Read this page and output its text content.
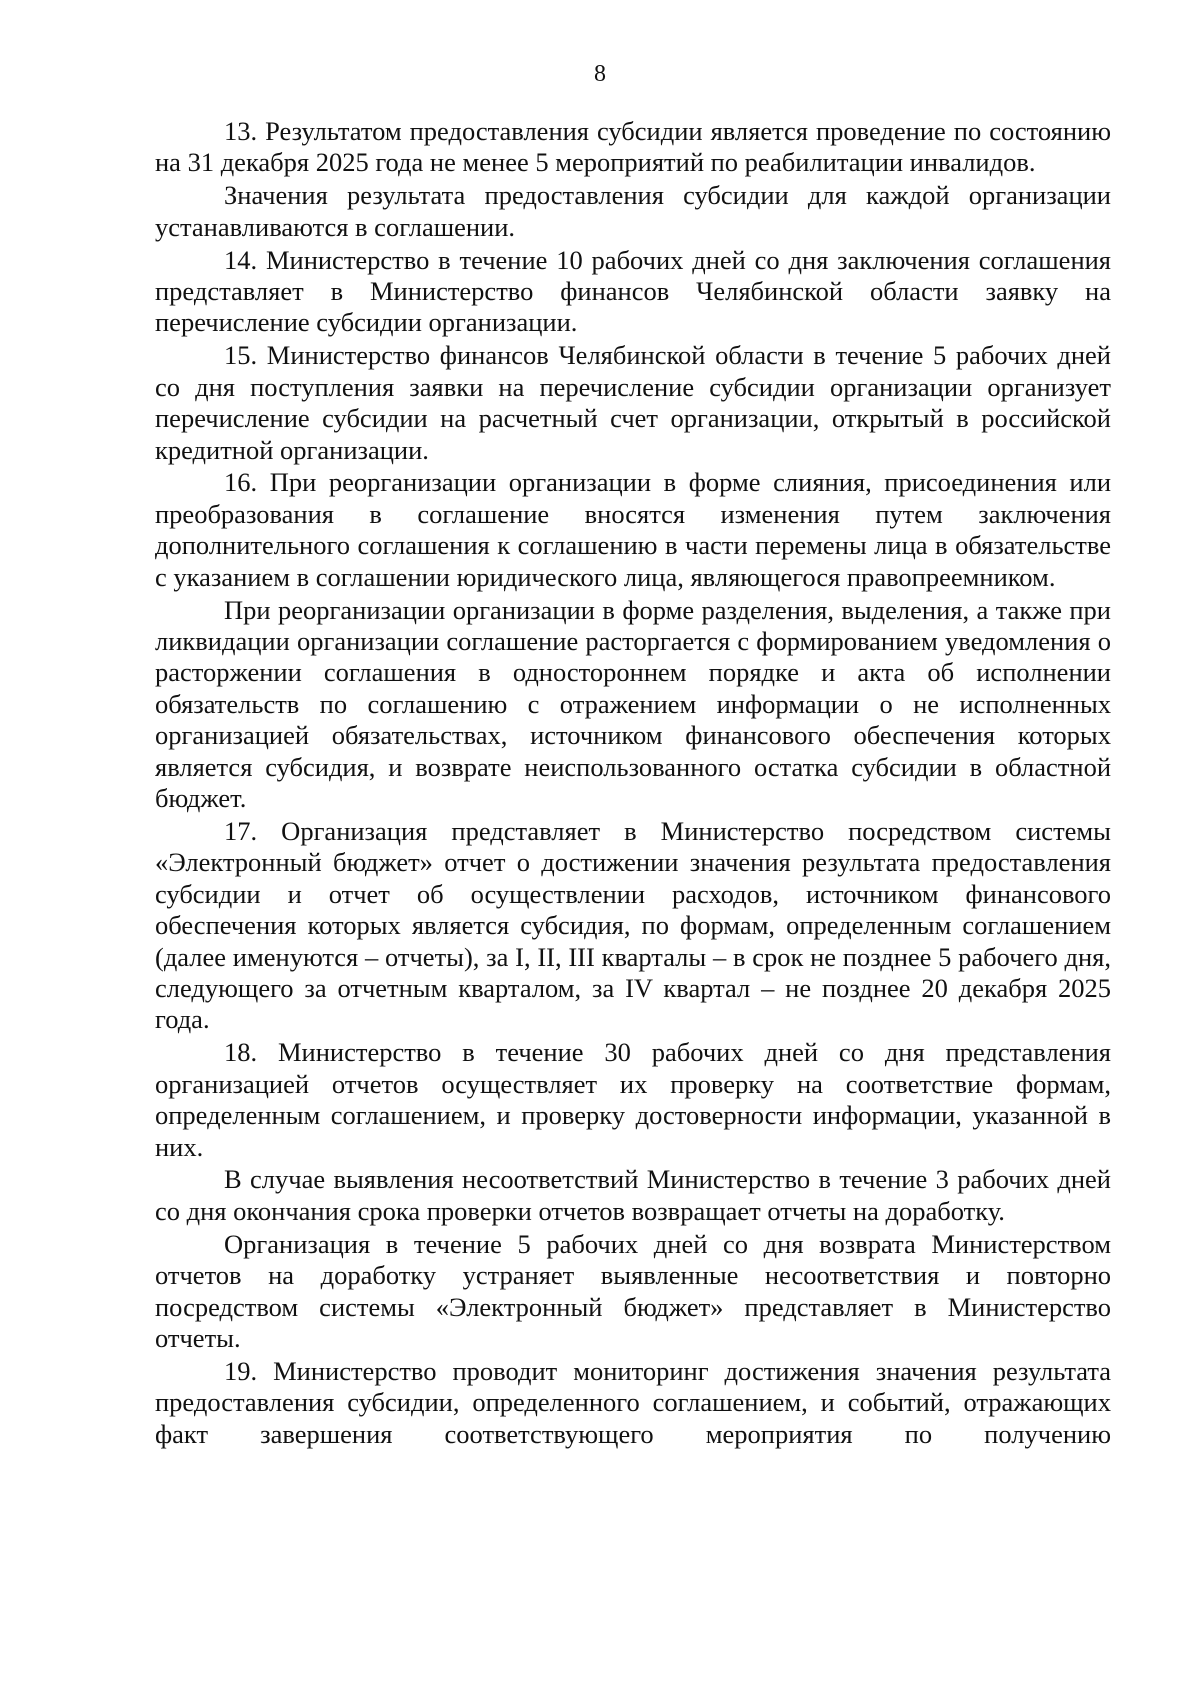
8

13. Результатом предоставления субсидии является проведение по состоянию на 31 декабря 2025 года не менее 5 мероприятий по реабилитации инвалидов.

Значения результата предоставления субсидии для каждой организации устанавливаются в соглашении.

14. Министерство в течение 10 рабочих дней со дня заключения соглашения представляет в Министерство финансов Челябинской области заявку на перечисление субсидии организации.

15. Министерство финансов Челябинской области в течение 5 рабочих дней со дня поступления заявки на перечисление субсидии организации организует перечисление субсидии на расчетный счет организации, открытый в российской кредитной организации.

16. При реорганизации организации в форме слияния, присоединения или преобразования в соглашение вносятся изменения путем заключения дополнительного соглашения к соглашению в части перемены лица в обязательстве с указанием в соглашении юридического лица, являющегося правопреемником.

При реорганизации организации в форме разделения, выделения, а также при ликвидации организации соглашение расторгается с формированием уведомления о расторжении соглашения в одностороннем порядке и акта об исполнении обязательств по соглашению с отражением информации о не исполненных организацией обязательствах, источником финансового обеспечения которых является субсидия, и возврате неиспользованного остатка субсидии в областной бюджет.

17. Организация представляет в Министерство посредством системы «Электронный бюджет» отчет о достижении значения результата предоставления субсидии и отчет об осуществлении расходов, источником финансового обеспечения которых является субсидия, по формам, определенным соглашением (далее именуются – отчеты), за I, II, III кварталы – в срок не позднее 5 рабочего дня, следующего за отчетным кварталом, за IV квартал – не позднее 20 декабря 2025 года.

18. Министерство в течение 30 рабочих дней со дня представления организацией отчетов осуществляет их проверку на соответствие формам, определенным соглашением, и проверку достоверности информации, указанной в них.

В случае выявления несоответствий Министерство в течение 3 рабочих дней со дня окончания срока проверки отчетов возвращает отчеты на доработку.

Организация в течение 5 рабочих дней со дня возврата Министерством отчетов на доработку устраняет выявленные несоответствия и повторно посредством системы «Электронный бюджет» представляет в Министерство отчеты.

19. Министерство проводит мониторинг достижения значения результата предоставления субсидии, определенного соглашением, и событий, отражающих факт завершения соответствующего мероприятия по получению
